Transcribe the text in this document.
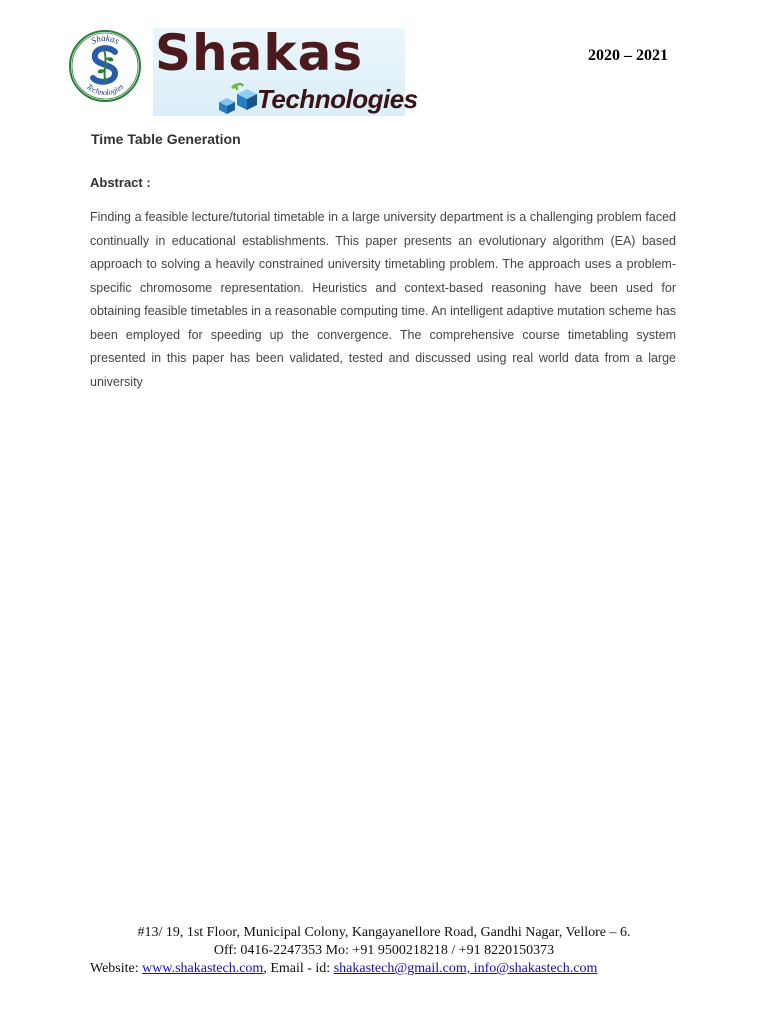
Shakas
Technologies
Shakas
Technologies
2020 – 2021
Time Table Generation
Abstract :

Finding a feasible lecture/tutorial timetable in a large university department is a challenging problem faced continually in educational establishments. This paper presents an evolutionary algorithm (EA) based approach to solving a heavily constrained university timetabling problem. The approach uses a problem-specific chromosome representation. Heuristics and context-based reasoning have been used for obtaining feasible timetables in a reasonable computing time. An intelligent adaptive mutation scheme has been employed for speeding up the convergence. The comprehensive course timetabling system presented in this paper has been validated, tested and discussed using real world data from a large university

#13/ 19, 1st Floor, Municipal Colony, Kangayanellore Road, Gandhi Nagar, Vellore – 6.
Off: 0416-2247353 Mo: +91 9500218218 / +91 8220150373
Website: www.shakastech.com, Email - id: shakastech@gmail.com, info@shakastech.com
